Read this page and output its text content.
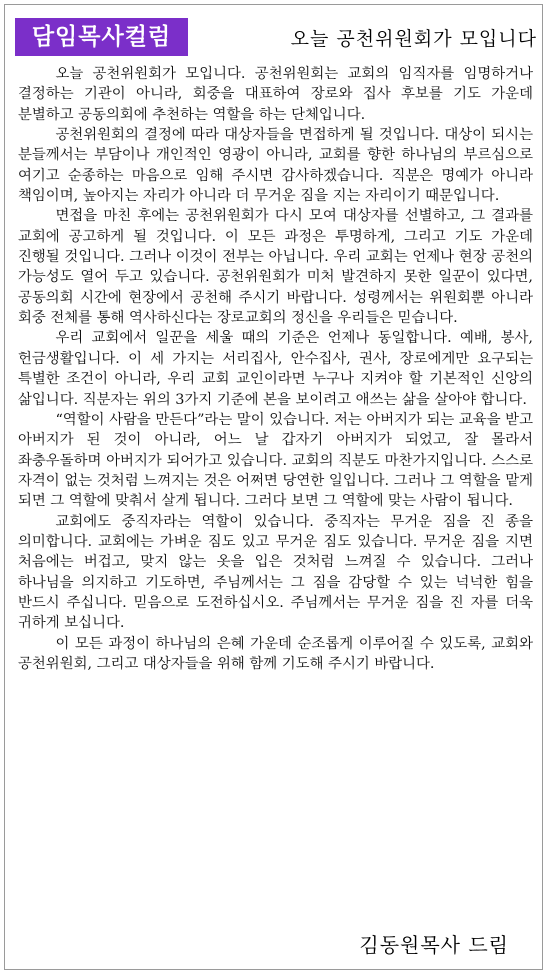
담임목사컬럼	오늘 공천위원회가 모입니다

오늘 공천위원회가 모입니다. 공천위원회는 교회의 임직자를 임명하거나 결정하는 기관이 아니라, 회중을 대표하여 장로와 집사 후보를 기도 가운데 분별하고 공동의회에 추천하는 역할을 하는 단체입니다.

공천위원회의 결정에 따라 대상자들을 면접하게 될 것입니다. 대상이 되시는 분들께서는 부담이나 개인적인 영광이 아니라, 교회를 향한 하나님의 부르심으로 여기고 순종하는 마음으로 임해 주시면 감사하겠습니다. 직분은 명예가 아니라 책임이며, 높아지는 자리가 아니라 더 무거운 짐을 지는 자리이기 때문입니다.

면접을 마친 후에는 공천위원회가 다시 모여 대상자를 선별하고, 그 결과를 교회에 공고하게 될 것입니다. 이 모든 과정은 투명하게, 그리고 기도 가운데 진행될 것입니다. 그러나 이것이 전부는 아닙니다. 우리 교회는 언제나 현장 공천의 가능성도 열어 두고 있습니다. 공천위원회가 미처 발견하지 못한 일꾼이 있다면, 공동의회 시간에 현장에서 공천해 주시기 바랍니다. 성령께서는 위원회뿐 아니라 회중 전체를 통해 역사하신다는 장로교회의 정신을 우리들은 믿습니다.

우리 교회에서 일꾼을 세울 때의 기준은 언제나 동일합니다. 예배, 봉사, 헌금생활입니다. 이 세 가지는 서리집사, 안수집사, 권사, 장로에게만 요구되는 특별한 조건이 아니라, 우리 교회 교인이라면 누구나 지켜야 할 기본적인 신앙의 삶입니다. 직분자는 위의 3가지 기준에 본을 보이려고 애쓰는 삶을 살아야 합니다.

“역할이 사람을 만든다”라는 말이 있습니다. 저는 아버지가 되는 교육을 받고 아버지가 된 것이 아니라, 어느 날 갑자기 아버지가 되었고, 잘 몰라서 좌충우돌하며 아버지가 되어가고 있습니다. 교회의 직분도 마찬가지입니다. 스스로 자격이 없는 것처럼 느껴지는 것은 어쩌면 당연한 일입니다. 그러나 그 역할을 맡게 되면 그 역할에 맞춰서 살게 됩니다. 그러다 보면 그 역할에 맞는 사람이 됩니다.

교회에도 중직자라는 역할이 있습니다. 중직자는 무거운 짐을 진 종을 의미합니다. 교회에는 가벼운 짐도 있고 무거운 짐도 있습니다. 무거운 짐을 지면 처음에는 버겁고, 맞지 않는 옷을 입은 것처럼 느껴질 수 있습니다. 그러나 하나님을 의지하고 기도하면, 주님께서는 그 짐을 감당할 수 있는 넉넉한 힘을 반드시 주십니다. 믿음으로 도전하십시오. 주님께서는 무거운 짐을 진 자를 더욱 귀하게 보십니다.

이 모든 과정이 하나님의 은혜 가운데 순조롭게 이루어질 수 있도록, 교회와 공천위원회, 그리고 대상자들을 위해 함께 기도해 주시기 바랍니다.

김동원목사 드림
